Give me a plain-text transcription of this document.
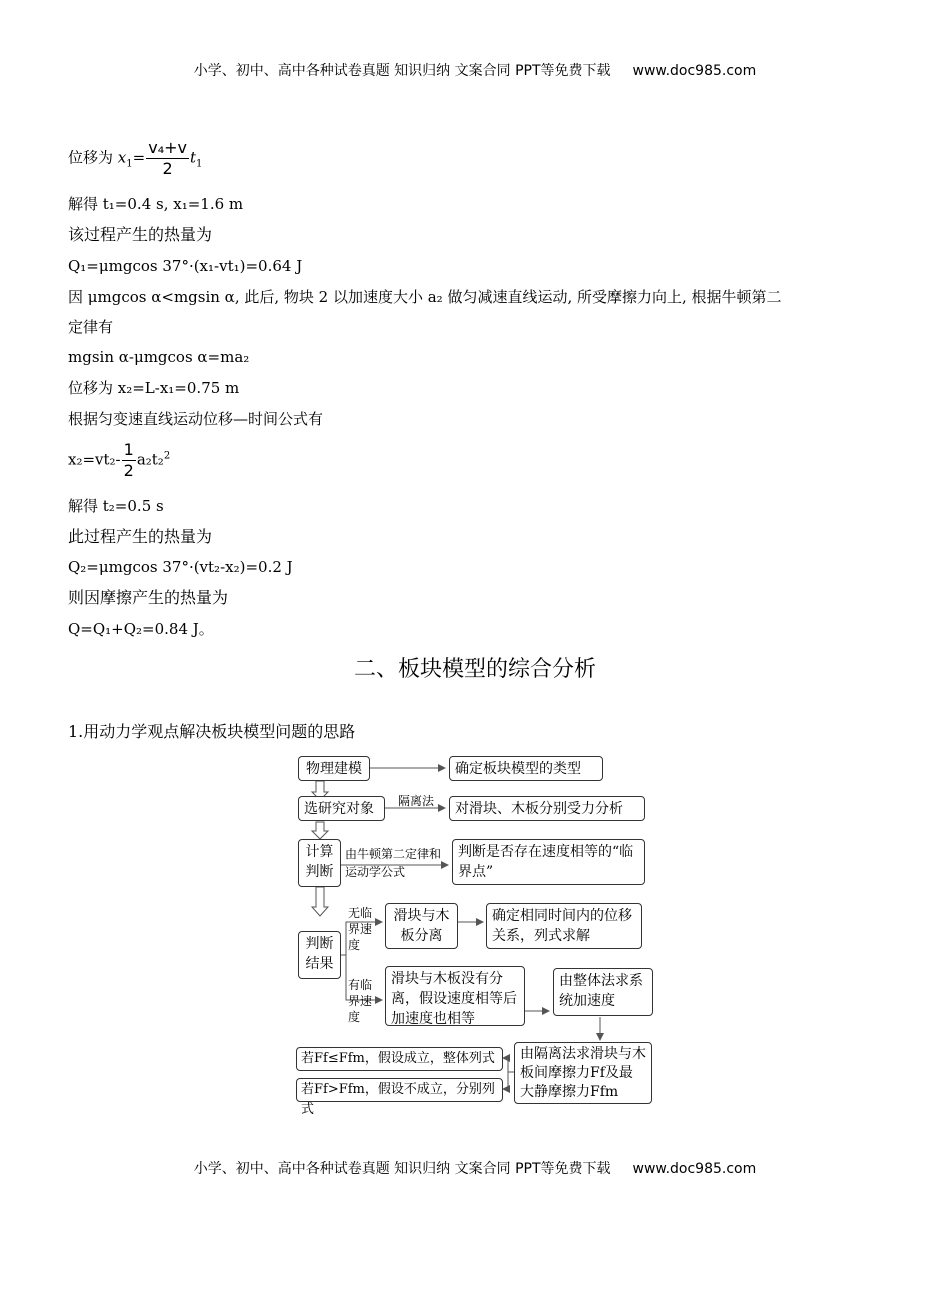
小学、初中、高中各种试卷真题 知识归纳 文案合同 PPT等免费下载 www.doc985.com
位移为 $x_1= \frac{\text{v₄+v}}{2} t_1$
解得 t₁=0.4 s, x₁=1.6 m
该过程产生的热量为
Q₁=μmgcos 37°·(x₁-vt₁)=0.64 J
因 μmgcos α<mgsin α, 此后, 物块 2 以加速度大小 a₂ 做匀减速直线运动, 所受摩擦力向上, 根据牛顿第二
定律有
mgsin α-μmgcos α=ma₂
位移为 x₂=L-x₁=0.75 m
根据匀变速直线运动位移—时间公式有
$x_2=vt_2- \frac{1}{2} a_2t_2^2$
解得 t₂=0.5 s
此过程产生的热量为
Q₂=μmgcos 37°·(vt₂-x₂)=0.2 J
则因摩擦产生的热量为
Q=Q₁+Q₂=0.84 J。
二、板块模型的综合分析
1.用动力学观点解决板块模型问题的思路
物理建模	确定板块模型的类型
选研究对象	隔离法	对滑块、木板分别受力分析
计算判断
由牛顿第二定律和运动学公式
判断是否存在速度相等的“临界点”
判断结果
无临界速度
滑块与木板分离
确定相同时间内的位移关系，列式求解
有临界速度
滑块与木板没有分离，假设速度相等后加速度也相等
由整体法求系统加速度
若Ff≤Ffm，假设成立，整体列式
若Ff>Ffm，假设不成立，分别列式
由隔离法求滑块与木板间摩擦力Ff及最大静摩擦力Ffm
小学、初中、高中各种试卷真题 知识归纳 文案合同 PPT等免费下载 www.doc985.com
